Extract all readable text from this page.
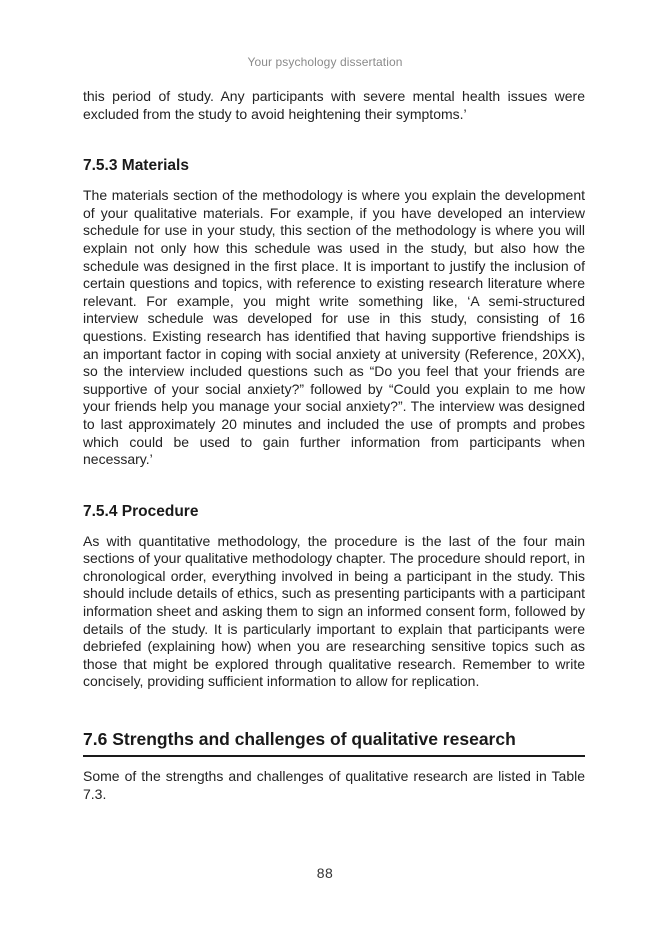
Your psychology dissertation

this period of study. Any participants with severe mental health issues were excluded from the study to avoid heightening their symptoms.’

7.5.3 Materials

The materials section of the methodology is where you explain the development of your qualitative materials. For example, if you have developed an interview schedule for use in your study, this section of the methodology is where you will explain not only how this schedule was used in the study, but also how the schedule was designed in the first place. It is important to justify the inclusion of certain questions and topics, with reference to existing research literature where relevant. For example, you might write something like, ‘A semi-structured interview schedule was developed for use in this study, consisting of 16 questions. Existing research has identified that having supportive friendships is an important factor in coping with social anxiety at university (Reference, 20XX), so the interview included questions such as “Do you feel that your friends are supportive of your social anxiety?” followed by “Could you explain to me how your friends help you manage your social anxiety?”. The interview was designed to last approximately 20 minutes and included the use of prompts and probes which could be used to gain further information from participants when necessary.’

7.5.4 Procedure

As with quantitative methodology, the procedure is the last of the four main sections of your qualitative methodology chapter. The procedure should report, in chronological order, everything involved in being a participant in the study. This should include details of ethics, such as presenting participants with a participant information sheet and asking them to sign an informed consent form, followed by details of the study. It is particularly important to explain that participants were debriefed (explaining how) when you are researching sensitive topics such as those that might be explored through qualitative research. Remember to write concisely, providing sufficient information to allow for replication.

7.6 Strengths and challenges of qualitative research

Some of the strengths and challenges of qualitative research are listed in Table 7.3.

88
